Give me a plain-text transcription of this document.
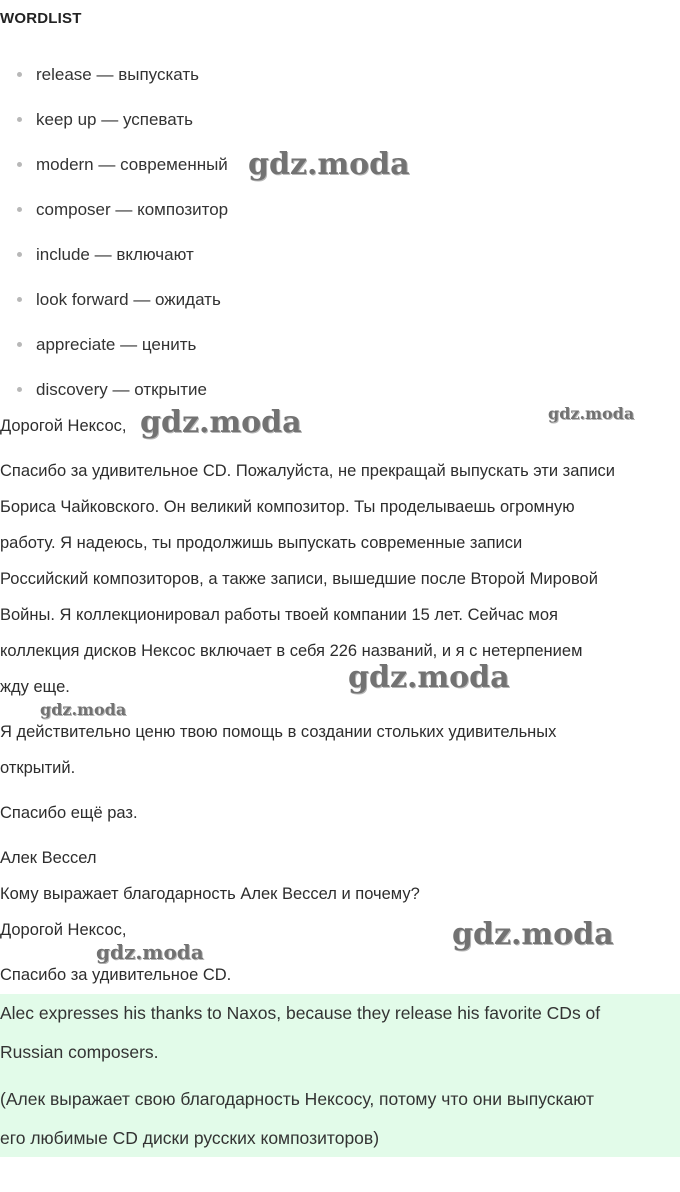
WORDLIST
release — выпускать
keep up — успевать
modern — современный
composer — композитор
include — включают
look forward — ожидать
appreciate — ценить
discovery — открытие
Дорогой Нексос,
Спасибо за удивительное CD. Пожалуйста, не прекращай выпускать эти записи
Бориса Чайковского. Он великий композитор. Ты проделываешь огромную
работу. Я надеюсь, ты продолжишь выпускать современные записи
Российский композиторов, а также записи, вышедшие после Второй Мировой
Войны. Я коллекционировал работы твоей компании 15 лет. Сейчас моя
коллекция дисков Нексос включает в себя 226 названий, и я с нетерпением
жду еще.
Я действительно ценю твою помощь в создании стольких удивительных
открытий.
Спасибо ещё раз.
Алек Вессел
Кому выражает благодарность Алек Вессел и почему?
Дорогой Нексос,
Спасибо за удивительное CD.
Alec expresses his thanks to Naxos, because they release his favorite CDs of
Russian composers.
(Алек выражает свою благодарность Нексосу, потому что они выпускают
его любимые CD диски русских композиторов)
gdz.moda
gdz.moda	gdz.moda
gdz.moda
gdz.moda
gdz.moda
gdz.moda
